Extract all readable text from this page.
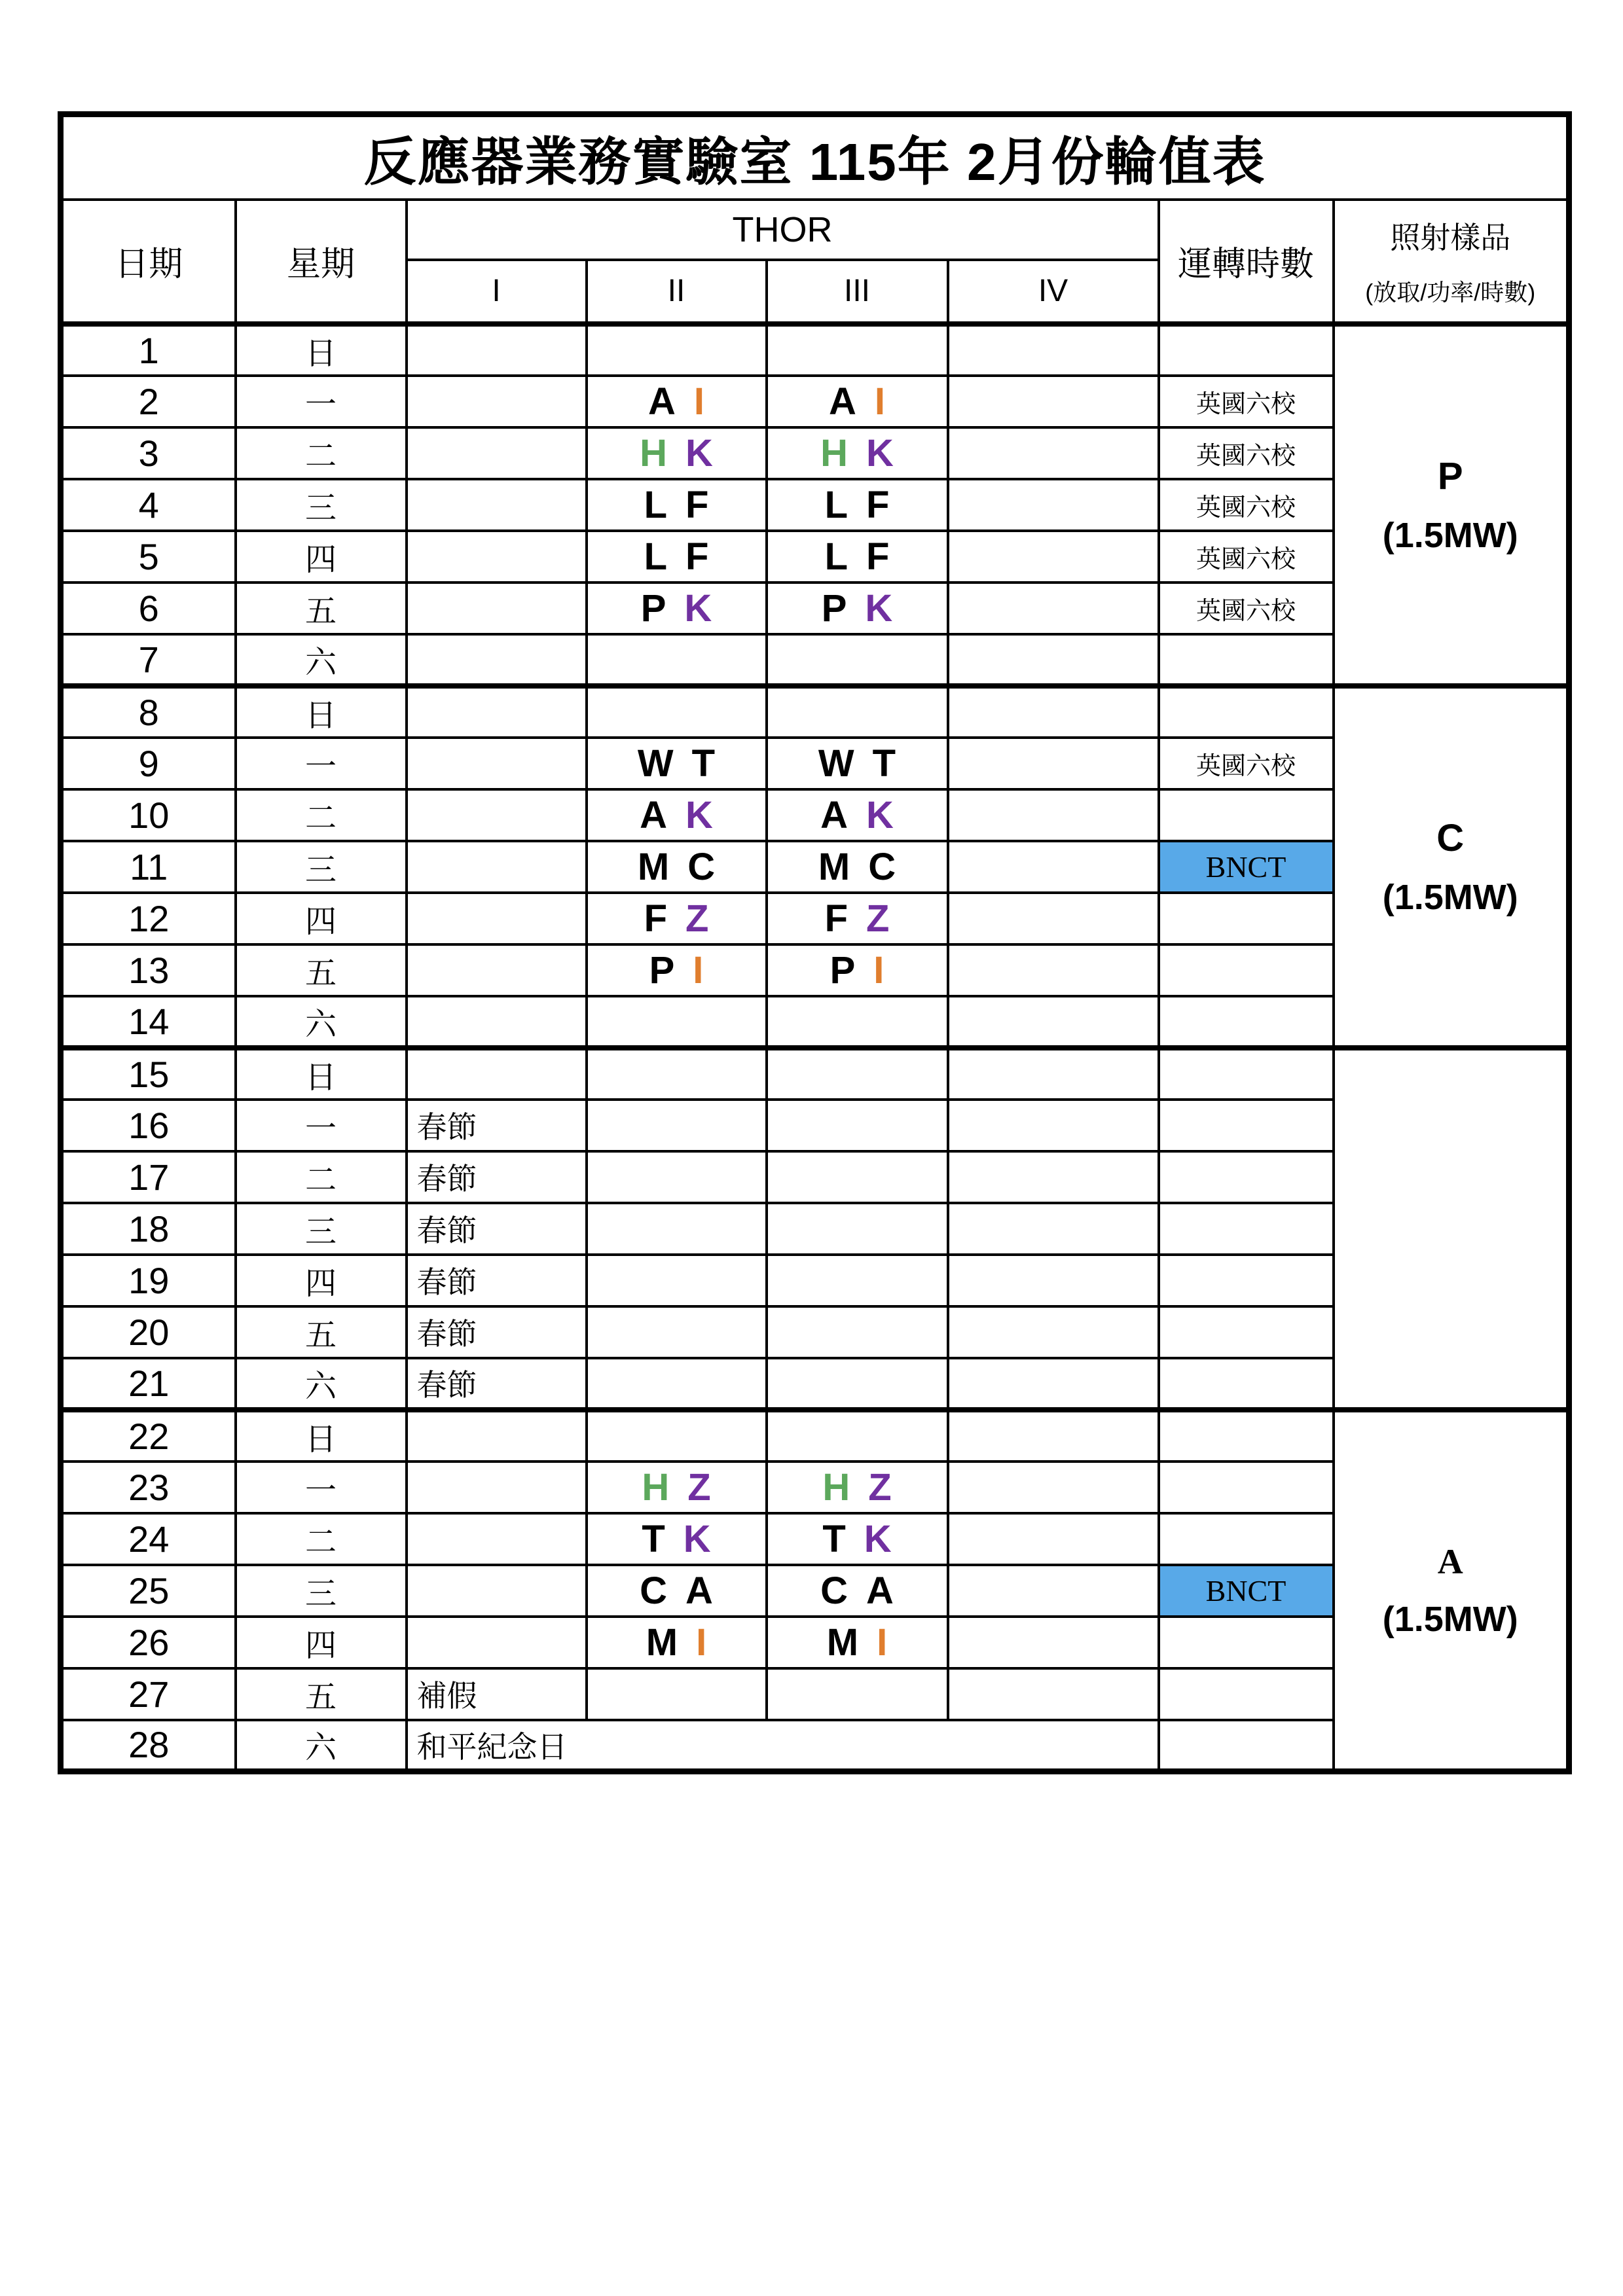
反應器業務實驗室 115年 2月份輪值表							
日期	星期	THOR				運轉時數	照射樣品
(放取/功率/時數)

		I	II	III	IV		
1	日						P
(1.5MW)

2	一		A I	A I		英國六校	
3	二		H K	H K		英國六校	
4	三		L F	L F		英國六校	
5	四		L F	L F		英國六校	
6	五		P K	P K		英國六校	
7	六						
8	日						C
(1.5MW)

9	一		W T	W T		英國六校	
10	二		A K	A K			
11	三		M C	M C		BNCT	
12	四		F Z	F Z			
13	五		P I	P I			
14	六						
15	日						

16	一	春節					
17	二	春節					
18	三	春節					
19	四	春節					
20	五	春節					
21	六	春節					
22	日						A
(1.5MW)

23	一		H Z	H Z			
24	二		T K	T K			
25	三		C A	C A		BNCT	
26	四		M I	M I			
27	五	補假					
28	六	和平紀念日					
